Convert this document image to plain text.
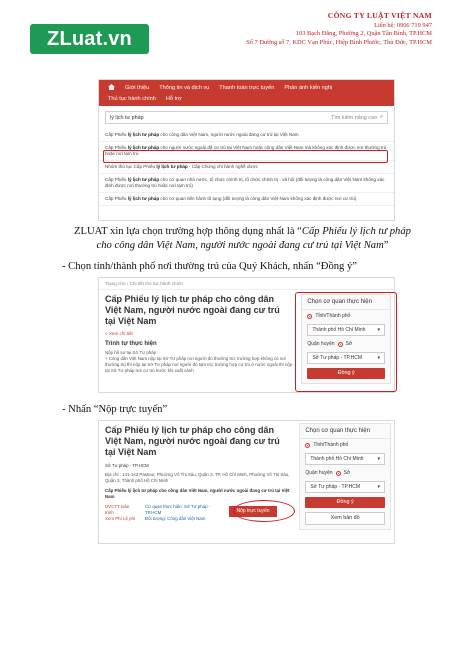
ZLuat.vn
CÔNG TY LUẬT VIỆT NAM
Liên hệ: 0906 719 947
103 Bạch Đằng, Phường 2, Quận Tân Bình, TP.HCM
Số 7 Đường số 7, KDC Vạn Phúc, Hiệp Bình Phước, Thủ Đức, TP.HCM
Giới thiệu	Thông tin và dịch vụ	Thanh toán trực tuyến	Phản ánh kiến nghị
Thủ tục hành chính	Hỗ trợ
lý lịch tư pháp	Tìm kiếm nâng cao ⌕
Cấp Phiếu lý lịch tư pháp cho công dân Việt Nam, người nước ngoài đang cư trú tại Việt Nam
Cấp Phiếu lý lịch tư pháp cho người nước ngoài đã cư trú tại Việt Nam hoặc công dân Việt Nam mà không xác định được nơi thường trú hoặc nơi tạm trú
Nhóm thủ tục Cấp Phiếu lý lịch tư pháp - Cấp Chứng chỉ hành nghề dược
Cấp Phiếu lý lịch tư pháp cho cơ quan nhà nước, tổ chức chính trị, tổ chức chính trị - xã hội (đối tượng là công dân Việt Nam không xác định được nơi thường trú hoặc nơi tạm trú)
Cấp Phiếu lý lịch tư pháp cho cơ quan tiến hành tố tụng (đối tượng là công dân Việt Nam không xác định được nơi cư trú)
ZLUAT xin lựa chọn trường hợp thông dụng nhất là “Cấp Phiếu lý lịch tư pháp cho công dân Việt Nam, người nước ngoài đang cư trú tại Việt Nam”
- Chọn tỉnh/thành phố nơi thường trú của Quý Khách, nhấn “Đồng ý”
Trang chủ › Chi tiết thủ tục hành chính
Cấp Phiếu lý lịch tư pháp cho công dân Việt Nam, người nước ngoài đang cư trú tại Việt Nam
» Xem chi tiết
Trình tự thực hiện
Nộp hồ sơ tại Sở Tư pháp
+ Công dân Việt Nam nộp tại Sở Tư pháp nơi người đó thường trú; trường hợp không có nơi thường trú thì nộp tại Sở Tư pháp nơi người đó tạm trú; trường hợp cư trú ở nước ngoài thì nộp tại Sở Tư pháp nơi cư trú trước khi xuất cảnh
Chọn cơ quan thực hiện
Tỉnh/Thành phố
Thành phố Hồ Chí Minh ▾
Quận huyện Sở
Sở Tư pháp - TP.HCM	▾
Đồng ý
- Nhấn “Nộp trực tuyến”
Cấp Phiếu lý lịch tư pháp cho công dân Việt Nam, người nước ngoài đang cư trú tại Việt Nam
Sở Tư pháp - TP.HCM
Địa chỉ : 141-143 Pasteur, Phường Võ Thị Sáu, Quận 3, TP. Hồ Chí Minh, Phường Võ Thị Sáu, Quận 3, Thành phố Hồ Chí Minh
Cấp Phiếu lý lịch tư pháp cho công dân Việt Nam, người nước ngoài đang cư trú tại Việt Nam
DVCTT toàn trình
Xem Phí Lệ phí
Cơ quan thực hiện: Sở Tư pháp - TP.HCM
Đối tượng: Công dân Việt Nam
Nộp trực tuyến
Chọn cơ quan thực hiện
Tỉnh/Thành phố
Thành phố Hồ Chí Minh	▾
Quận huyện Sở
Sở Tư pháp - TP.HCM	▾
Đồng ý
Xem bản đồ
